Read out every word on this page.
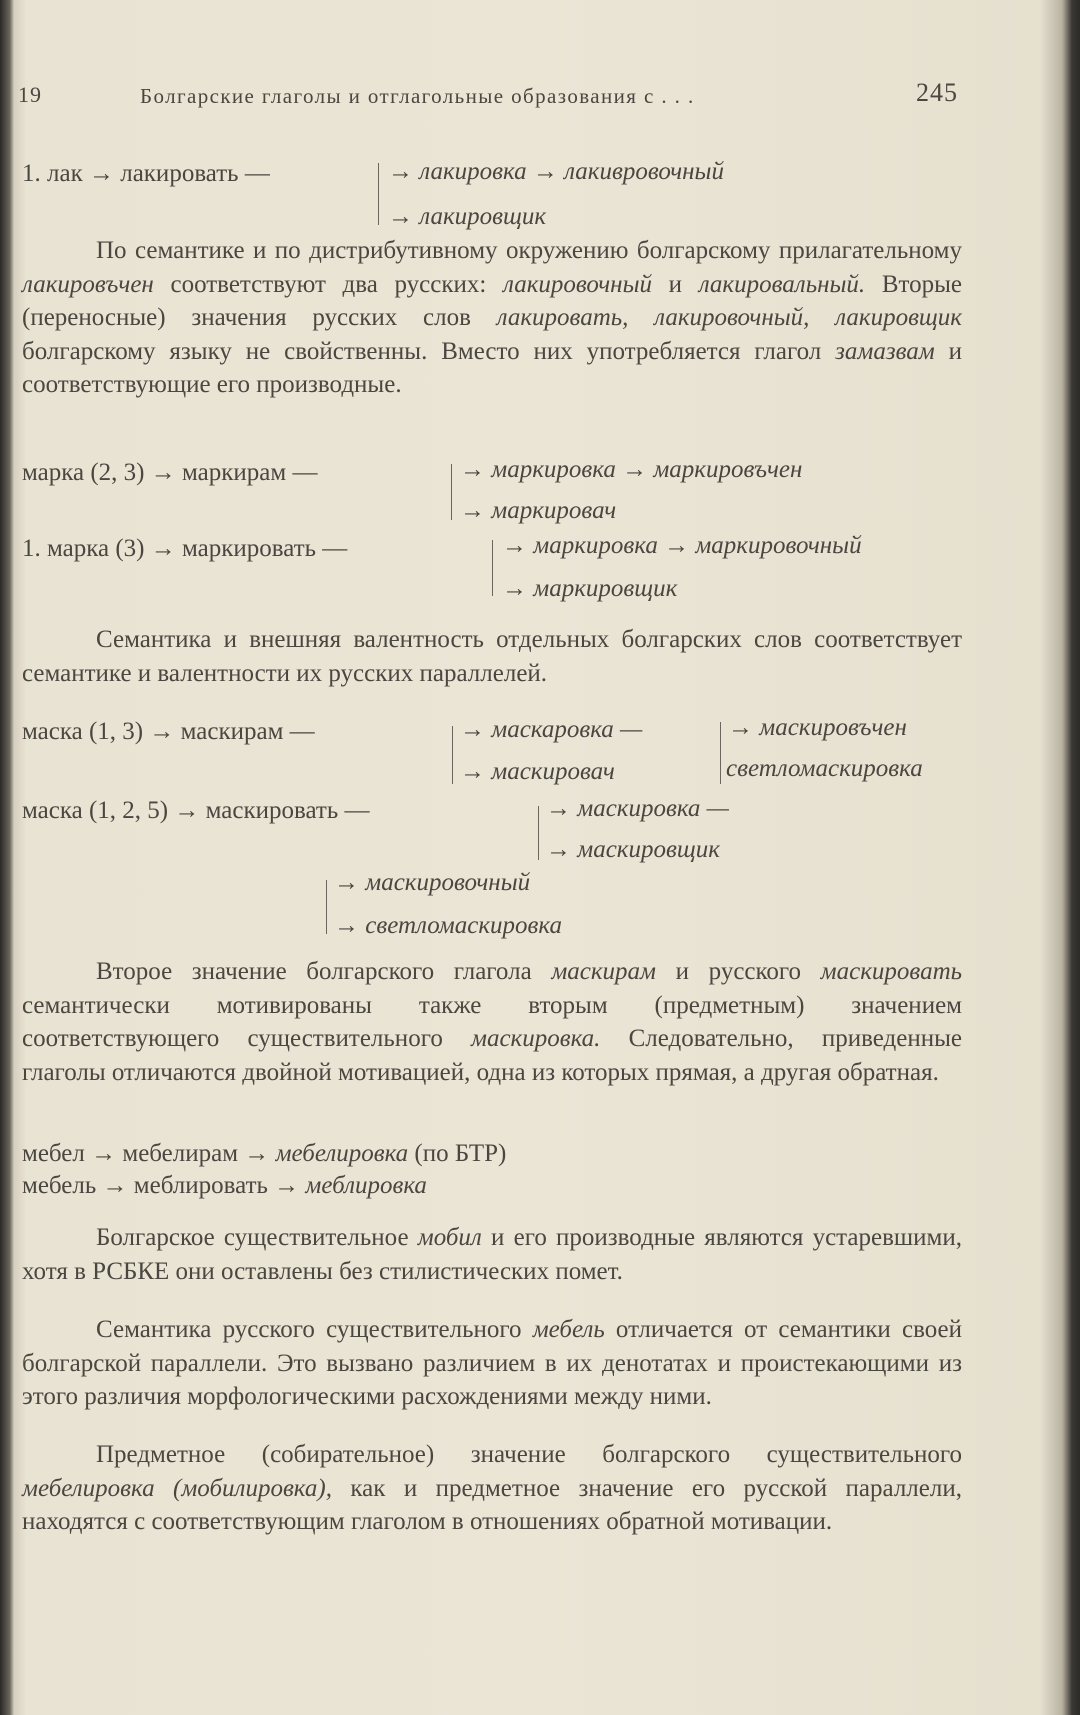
19	Болгарские глаголы и отглагольные образования с . . .	245
1. лак → лакировать —	→ лакировка → лакивровочный
→ лакировщик

По семантике и по дистрибутивному окружению болгарскому прилагательному лакировъчен соответствуют два русских: лакировочный и лакировальный. Вторые (переносные) значения русских слов лакировать, лакировочный, лакировщик болгарскому языку не свойственны. Вместо них употребляется глагол замазвам и соответствующие его производные.

марка (2, 3) → маркирам —	→ маркировка → маркировъчен
→ маркировач
1. марка (3) → маркировать —	→ маркировка → маркировочный
→ маркировщик

Семантика и внешняя валентность отдельных болгарских слов соответствует семантике и валентности их русских параллелей.

маска (1, 3) → маскирам —	→ маскаровка —	→ маскировъчен
→ маскировач	светломаскировка
маска (1, 2, 5) → маскировать —	→ маскировка —
→ маскировщик
→ маскировочный
→ светломаскировка

Второе значение болгарского глагола маскирам и русского маскировать семантически мотивированы также вторым (предметным) значением соответствующего существительного маскировка. Следовательно, приведенные глаголы отличаются двойной мотивацией, одна из которых прямая, а другая обратная.

мебел → мебелирам → мебелировка (по БТР)
мебель → меблировать → меблировка

Болгарское существительное мобил и его производные являются устаревшими, хотя в РСБКЕ они оставлены без стилистических помет.

Семантика русского существительного мебель отличается от семантики своей болгарской параллели. Это вызвано различием в их денотатах и проистекающими из этого различия морфологическими расхождениями между ними.

Предметное (собирательное) значение болгарского существительного мебелировка (мобилировка), как и предметное значение его русской параллели, находятся с соответствующим глаголом в отношениях обратной мотивации.
